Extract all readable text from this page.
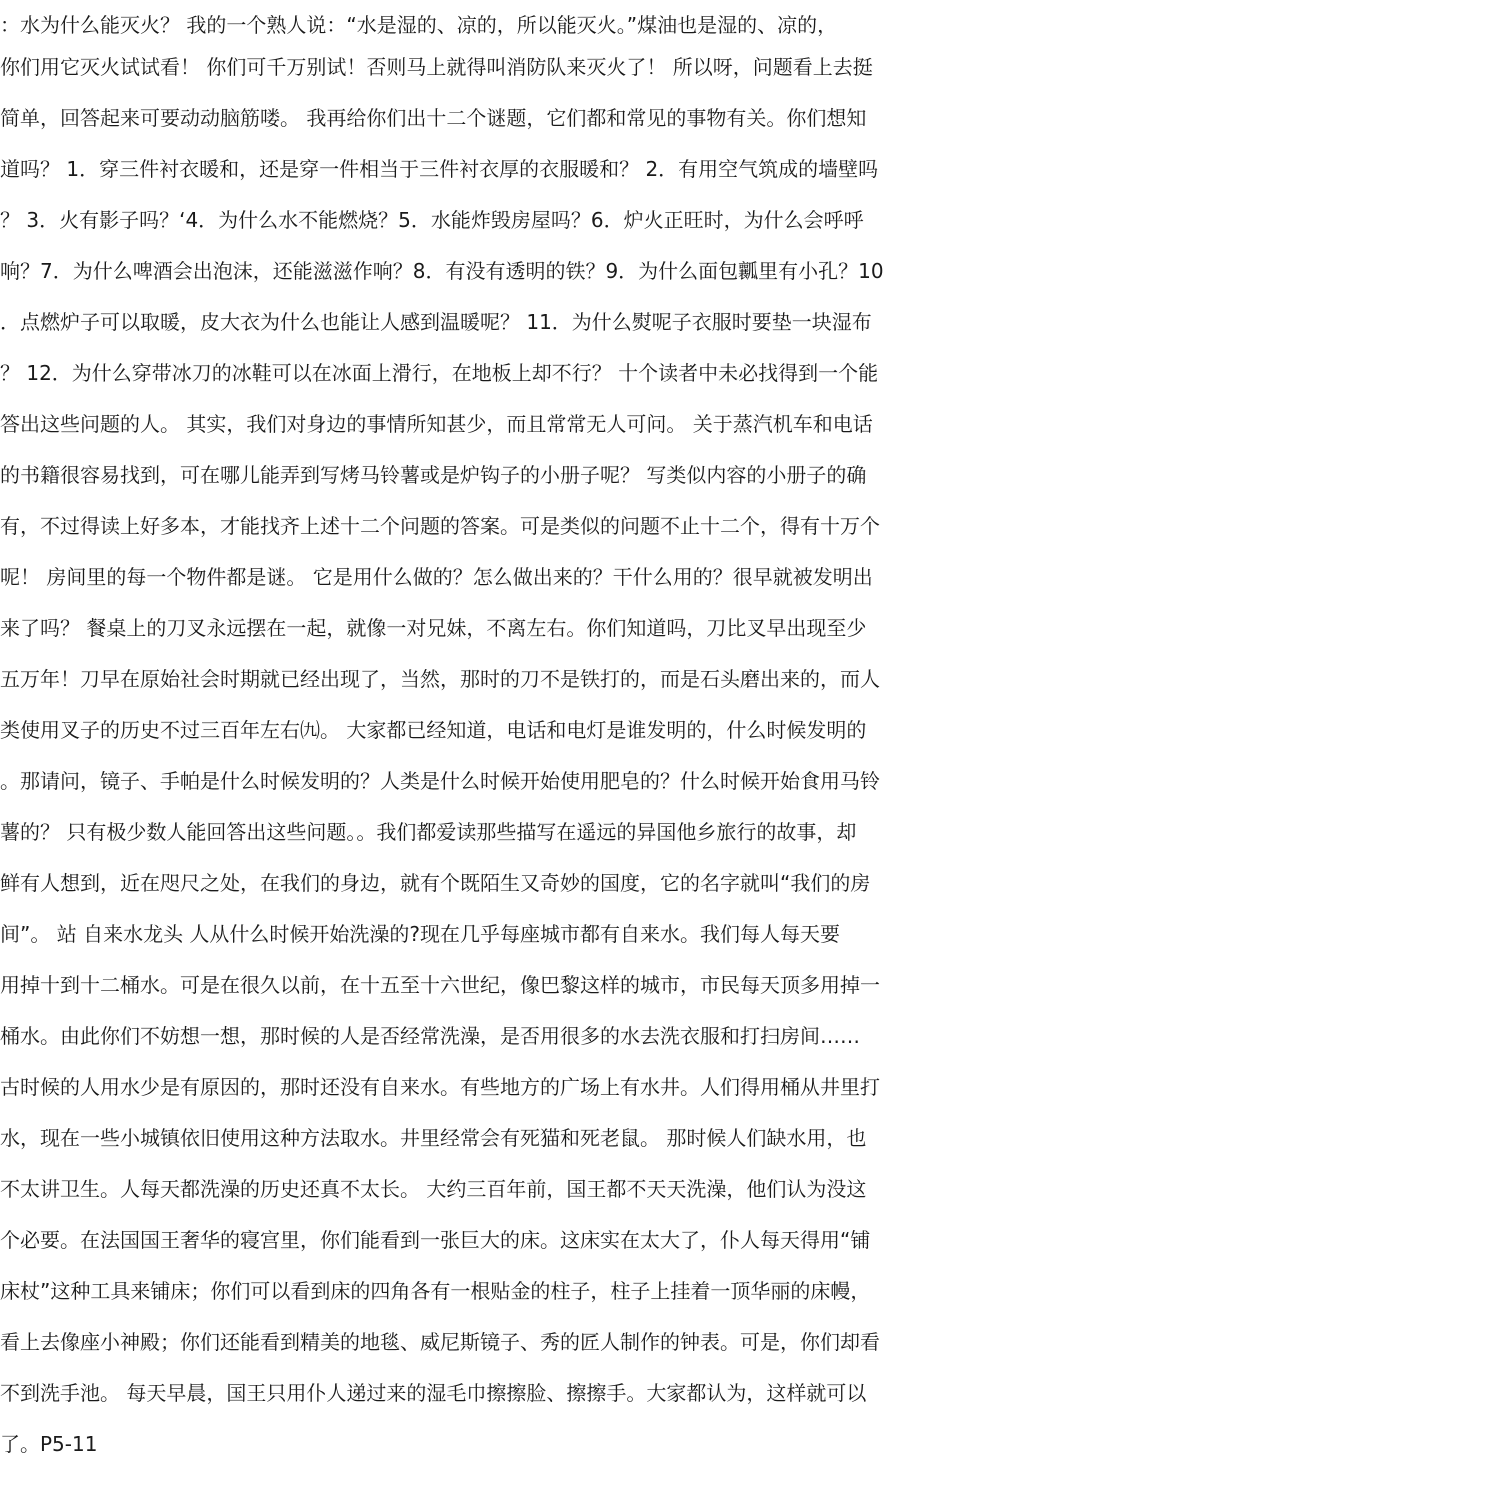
：水为什么能灭火？ 我的一个熟人说：“水是湿的、凉的，所以能灭火。”煤油也是湿的、凉的，
你们用它灭火试试看！ 你们可千万别试！否则马上就得叫消防队来灭火了！ 所以呀，问题看上去挺
简单，回答起来可要动动脑筋喽。 我再给你们出十二个谜题，它们都和常见的事物有关。你们想知
道吗？ 1．穿三件衬衣暖和，还是穿一件相当于三件衬衣厚的衣服暖和？ 2．有用空气筑成的墙壁吗
？ 3．火有影子吗？‘4．为什么水不能燃烧？5．水能炸毁房屋吗？6．炉火正旺时，为什么会呼呼
响？7．为什么啤酒会出泡沫，还能滋滋作响？8．有没有透明的铁？9．为什么面包瓤里有小孔？10
．点燃炉子可以取暖，皮大衣为什么也能让人感到温暖呢？ 11．为什么熨呢子衣服时要垫一块湿布
？ 12．为什么穿带冰刀的冰鞋可以在冰面上滑行，在地板上却不行？ 十个读者中未必找得到一个能
答出这些问题的人。 其实，我们对身边的事情所知甚少，而且常常无人可问。 关于蒸汽机车和电话
的书籍很容易找到，可在哪儿能弄到写烤马铃薯或是炉钩子的小册子呢？ 写类似内容的小册子的确
有，不过得读上好多本，才能找齐上述十二个问题的答案。可是类似的问题不止十二个，得有十万个
呢！ 房间里的每一个物件都是谜。 它是用什么做的？怎么做出来的？干什么用的？很早就被发明出
来了吗？ 餐桌上的刀叉永远摆在一起，就像一对兄妹，不离左右。你们知道吗，刀比叉早出现至少
五万年！刀早在原始社会时期就已经出现了，当然，那时的刀不是铁打的，而是石头磨出来的，而人
类使用叉子的历史不过三百年左右㈨。 大家都已经知道，电话和电灯是谁发明的，什么时候发明的
。那请问，镜子、手帕是什么时候发明的？人类是什么时候开始使用肥皂的？什么时候开始食用马铃
薯的？ 只有极少数人能回答出这些问题。。我们都爱读那些描写在遥远的异国他乡旅行的故事，却
鲜有人想到，近在咫尺之处，在我们的身边，就有个既陌生又奇妙的国度，它的名字就叫“我们的房
间”。 站 自来水龙头 人从什么时候开始洗澡的?现在几乎每座城市都有自来水。我们每人每天要
用掉十到十二桶水。可是在很久以前，在十五至十六世纪，像巴黎这样的城市，市民每天顶多用掉一
桶水。由此你们不妨想一想，那时候的人是否经常洗澡，是否用很多的水去洗衣服和打扫房间……
古时候的人用水少是有原因的，那时还没有自来水。有些地方的广场上有水井。人们得用桶从井里打
水，现在一些小城镇依旧使用这种方法取水。井里经常会有死猫和死老鼠。 那时候人们缺水用，也
不太讲卫生。人每天都洗澡的历史还真不太长。 大约三百年前，国王都不天天洗澡，他们认为没这
个必要。在法国国王奢华的寝宫里，你们能看到一张巨大的床。这床实在太大了，仆人每天得用“铺
床杖”这种工具来铺床；你们可以看到床的四角各有一根贴金的柱子，柱子上挂着一顶华丽的床幔，
看上去像座小神殿；你们还能看到精美的地毯、威尼斯镜子、秀的匠人制作的钟表。可是，你们却看
不到洗手池。 每天早晨，国王只用仆人递过来的湿毛巾擦擦脸、擦擦手。大家都认为，这样就可以
了。P5-11
